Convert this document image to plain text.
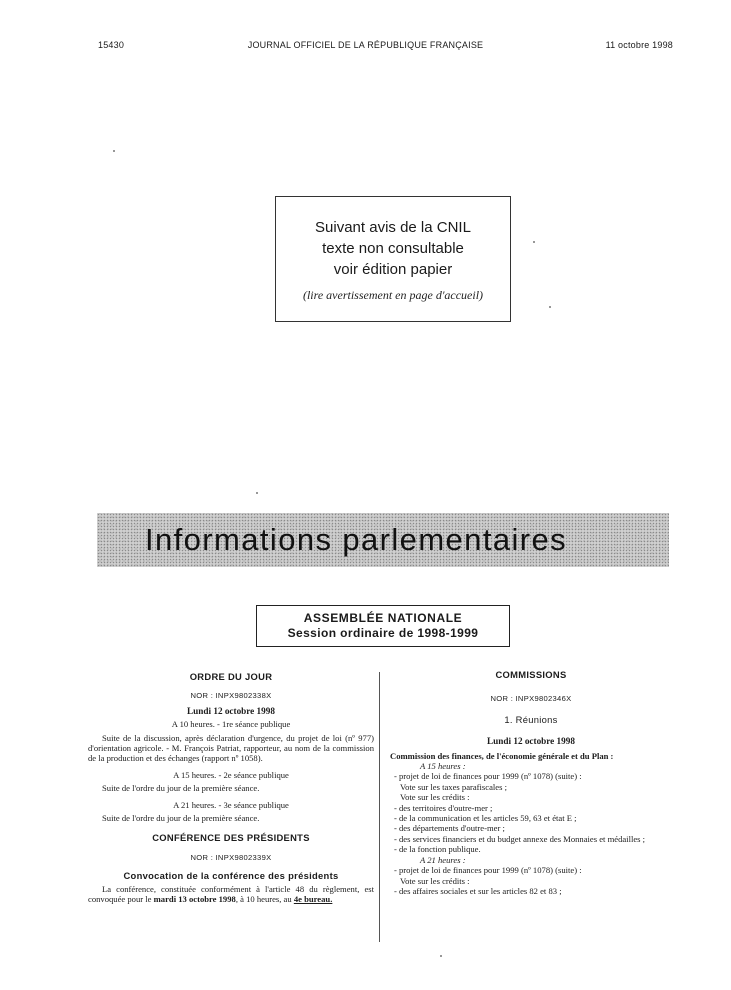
15430	JOURNAL OFFICIEL DE LA RÉPUBLIQUE FRANÇAISE	11 octobre 1998
Suivant avis de la CNIL
texte non consultable
voir édition papier
(lire avertissement en page d'accueil)
Informations parlementaires
ASSEMBLÉE NATIONALE
Session ordinaire de 1998-1999
ORDRE DU JOUR
NOR : INPX9802338X
Lundi 12 octobre 1998
A 10 heures. - 1re séance publique
Suite de la discussion, après déclaration d'urgence, du projet de loi (nº 977) d'orientation agricole. - M. François Patriat, rapporteur, au nom de la commission de la production et des échanges (rapport nº 1058).
A 15 heures. - 2e séance publique
Suite de l'ordre du jour de la première séance.
A 21 heures. - 3e séance publique
Suite de l'ordre du jour de la première séance.
CONFÉRENCE DES PRÉSIDENTS
NOR : INPX9802339X
Convocation de la conférence des présidents
La conférence, constituée conformément à l'article 48 du règlement, est convoquée pour le mardi 13 octobre 1998, à 10 heures, au 4e bureau.
COMMISSIONS
NOR : INPX9802346X
1. Réunions
Lundi 12 octobre 1998
Commission des finances, de l'économie générale et du Plan :
A 15 heures :
- projet de loi de finances pour 1999 (nº 1078) (suite) :
Vote sur les taxes parafiscales ;
Vote sur les crédits :
- des territoires d'outre-mer ;
- de la communication et les articles 59, 63 et état E ;
- des départements d'outre-mer ;
- des services financiers et du budget annexe des Monnaies et médailles ;
- de la fonction publique.
A 21 heures :
- projet de loi de finances pour 1999 (nº 1078) (suite) :
Vote sur les crédits :
- des affaires sociales et sur les articles 82 et 83 ;
